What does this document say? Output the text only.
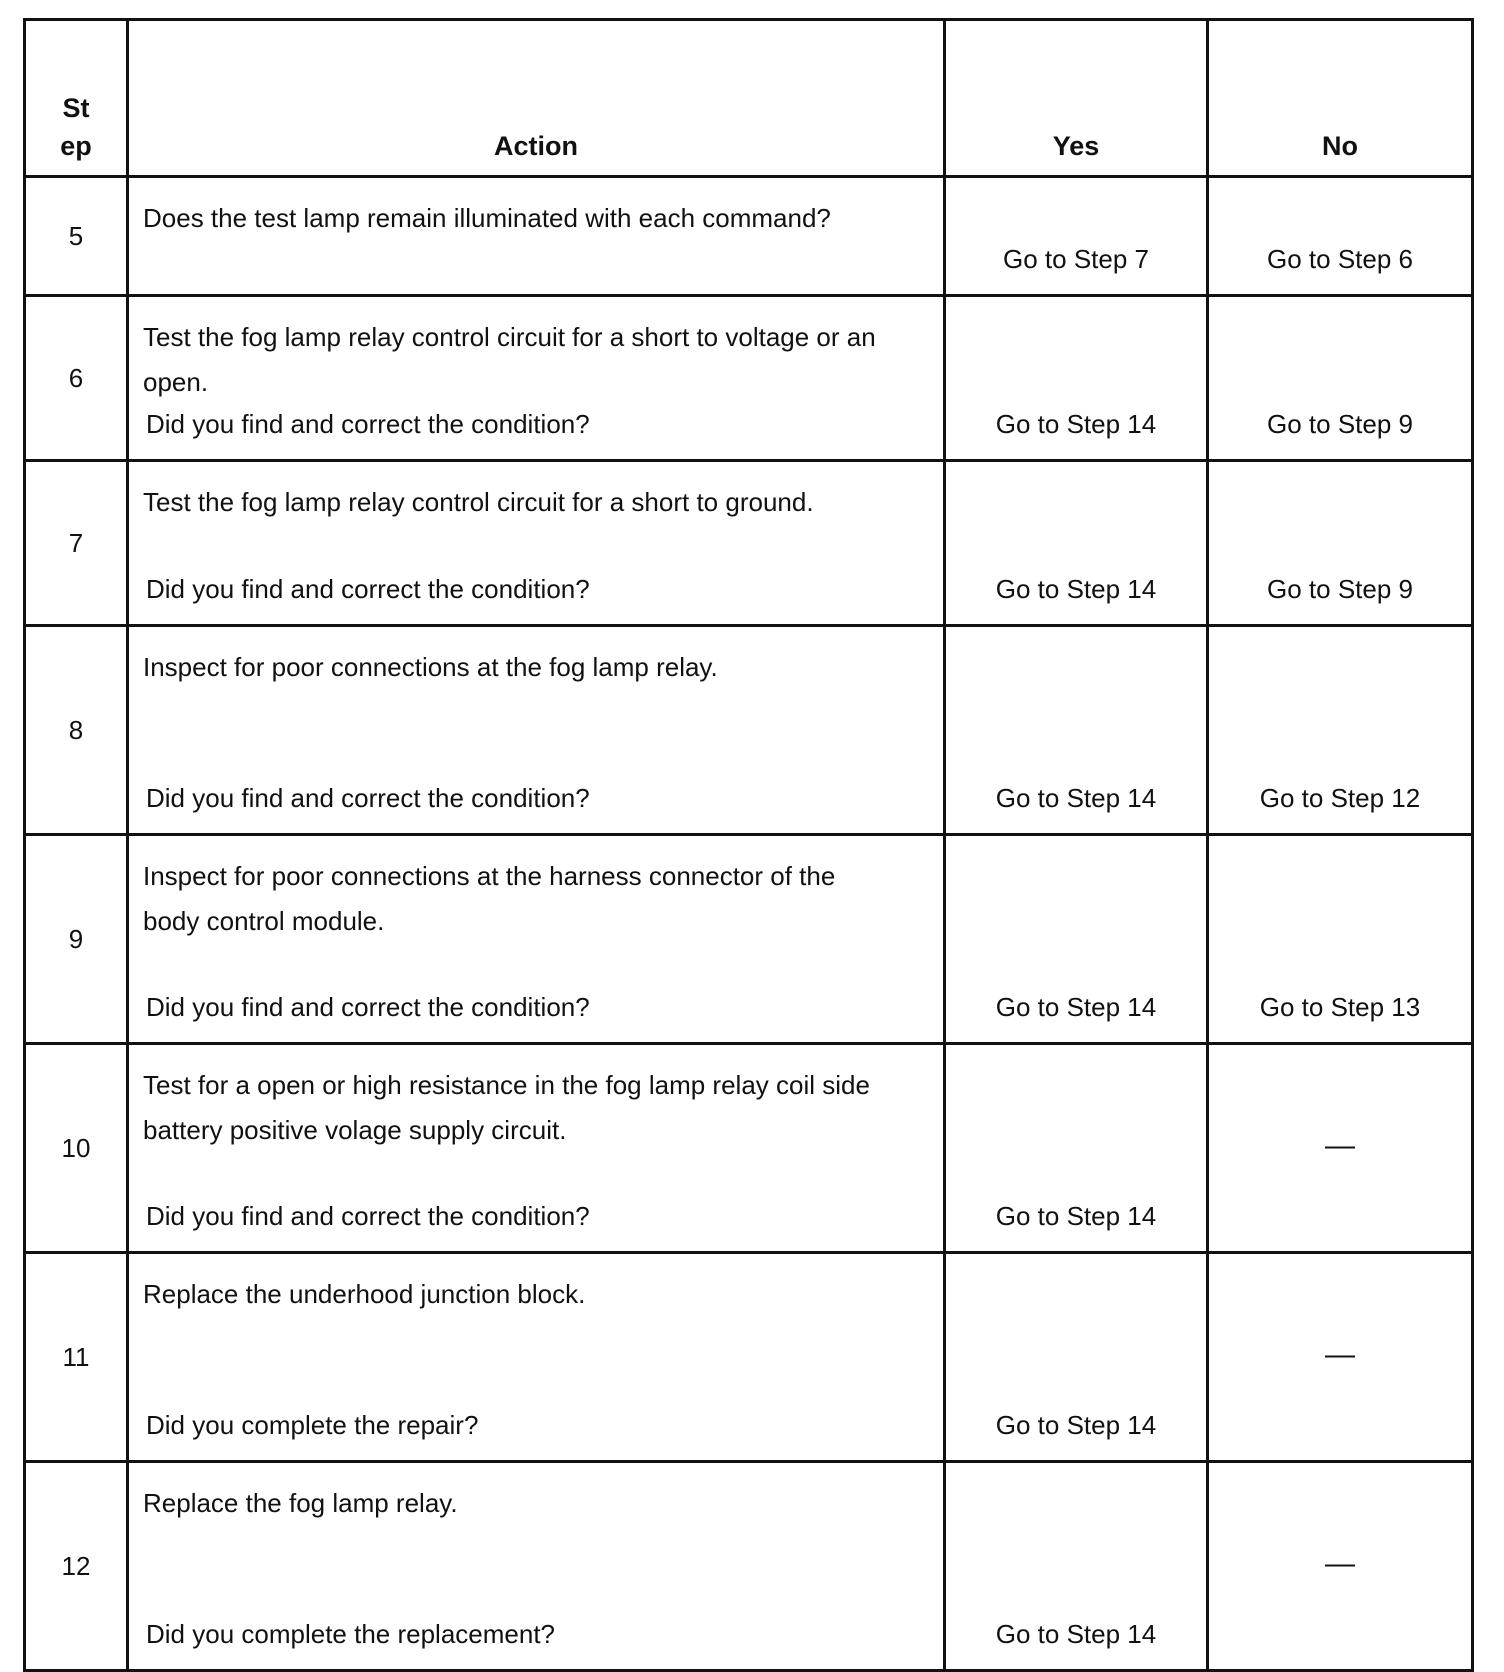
St
ep	Action	Yes	No
5	Does the test lamp remain illuminated with each command?	Go to Step 7	Go to Step 6

6	Test the fog lamp relay control circuit for a short to voltage or an open.
Did you find and correct the condition?	Go to Step 14	Go to Step 9

7	Test the fog lamp relay control circuit for a short to ground.
Did you find and correct the condition?	Go to Step 14	Go to Step 9

8	Inspect for poor connections at the fog lamp relay.
Did you find and correct the condition?	Go to Step 14	Go to Step 12

9	Inspect for poor connections at the harness connector of the body control module.
Did you find and correct the condition?	Go to Step 14	Go to Step 13

10	Test for a open or high resistance in the fog lamp relay coil side battery positive volage supply circuit.
Did you find and correct the condition?	Go to Step 14	—

11	Replace the underhood junction block.
Did you complete the repair?	Go to Step 14	—

12	Replace the fog lamp relay.
Did you complete the replacement?	Go to Step 14	—
